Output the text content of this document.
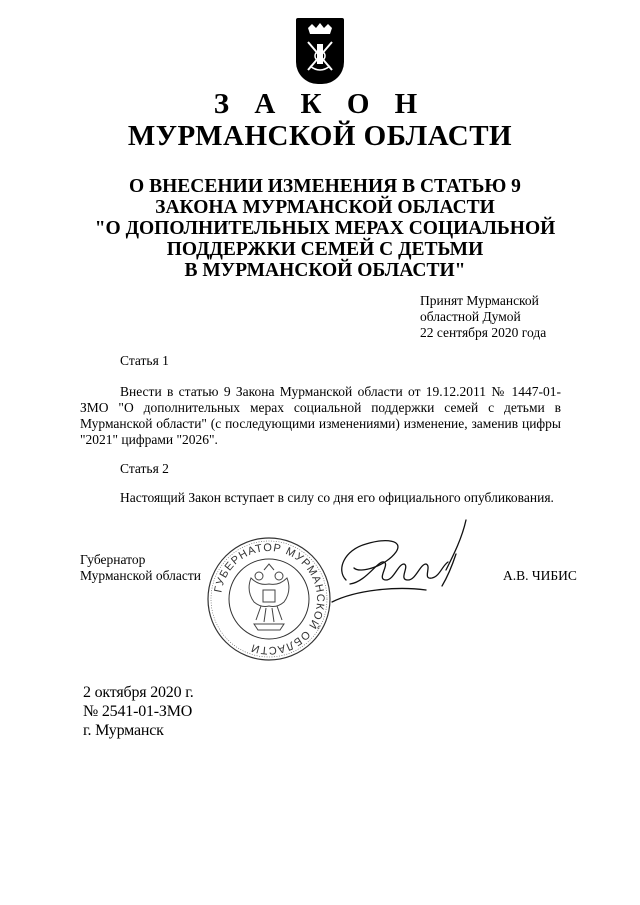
З А К О Н
МУРМАНСКОЙ ОБЛАСТИ
О ВНЕСЕНИИ ИЗМЕНЕНИЯ В СТАТЬЮ 9
ЗАКОНА МУРМАНСКОЙ ОБЛАСТИ
"О ДОПОЛНИТЕЛЬНЫХ МЕРАХ СОЦИАЛЬНОЙ
ПОДДЕРЖКИ СЕМЕЙ С ДЕТЬМИ
В МУРМАНСКОЙ ОБЛАСТИ"
Принят Мурманской
областной Думой
22 сентября 2020 года
Статья 1
Внести в статью 9 Закона Мурманской области от 19.12.2011 № 1447-01-ЗМО "О дополнительных мерах социальной поддержки семей с детьми в Мурманской области" (с последующими изменениями) изменение, заменив цифры "2021" цифрами "2026".
Статья 2
Настоящий Закон вступает в силу со дня его официального опубликования.
Губернатор
Мурманской области
ГУБЕРНАТОР МУРМАНСКОЙ ОБЛАСТИ
А.В. ЧИБИС
2 октября 2020 г.
№ 2541-01-ЗМО
г. Мурманск
